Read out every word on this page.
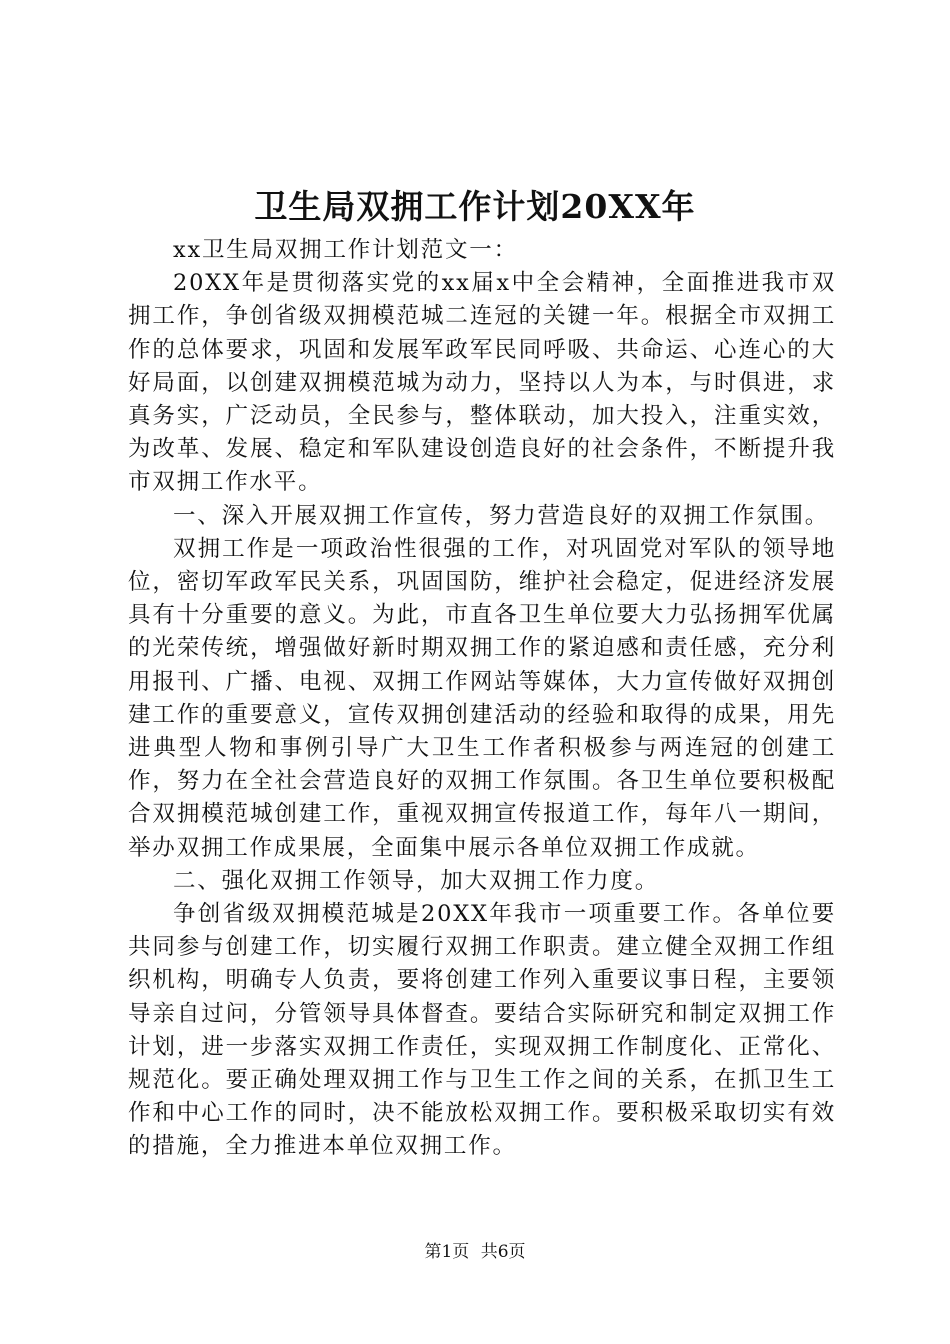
卫生局双拥工作计划20XX年

xx卫生局双拥工作计划范文一：

20XX年是贯彻落实党的xx届x中全会精神，全面推进我市双拥工作，争创省级双拥模范城二连冠的关键一年。根据全市双拥工作的总体要求，巩固和发展军政军民同呼吸、共命运、心连心的大好局面，以创建双拥模范城为动力，坚持以人为本，与时俱进，求真务实，广泛动员，全民参与，整体联动，加大投入，注重实效，为改革、发展、稳定和军队建设创造良好的社会条件，不断提升我市双拥工作水平。

一、深入开展双拥工作宣传，努力营造良好的双拥工作氛围。

双拥工作是一项政治性很强的工作，对巩固党对军队的领导地位，密切军政军民关系，巩固国防，维护社会稳定，促进经济发展具有十分重要的意义。为此，市直各卫生单位要大力弘扬拥军优属的光荣传统，增强做好新时期双拥工作的紧迫感和责任感，充分利用报刊、广播、电视、双拥工作网站等媒体，大力宣传做好双拥创建工作的重要意义，宣传双拥创建活动的经验和取得的成果，用先进典型人物和事例引导广大卫生工作者积极参与两连冠的创建工作，努力在全社会营造良好的双拥工作氛围。各卫生单位要积极配合双拥模范城创建工作，重视双拥宣传报道工作，每年八一期间，举办双拥工作成果展，全面集中展示各单位双拥工作成就。

二、强化双拥工作领导，加大双拥工作力度。

争创省级双拥模范城是20XX年我市一项重要工作。各单位要共同参与创建工作，切实履行双拥工作职责。建立健全双拥工作组织机构，明确专人负责，要将创建工作列入重要议事日程，主要领导亲自过问，分管领导具体督查。要结合实际研究和制定双拥工作计划，进一步落实双拥工作责任，实现双拥工作制度化、正常化、规范化。要正确处理双拥工作与卫生工作之间的关系，在抓卫生工作和中心工作的同时，决不能放松双拥工作。要积极采取切实有效的措施，全力推进本单位双拥工作。

第1页 共6页
